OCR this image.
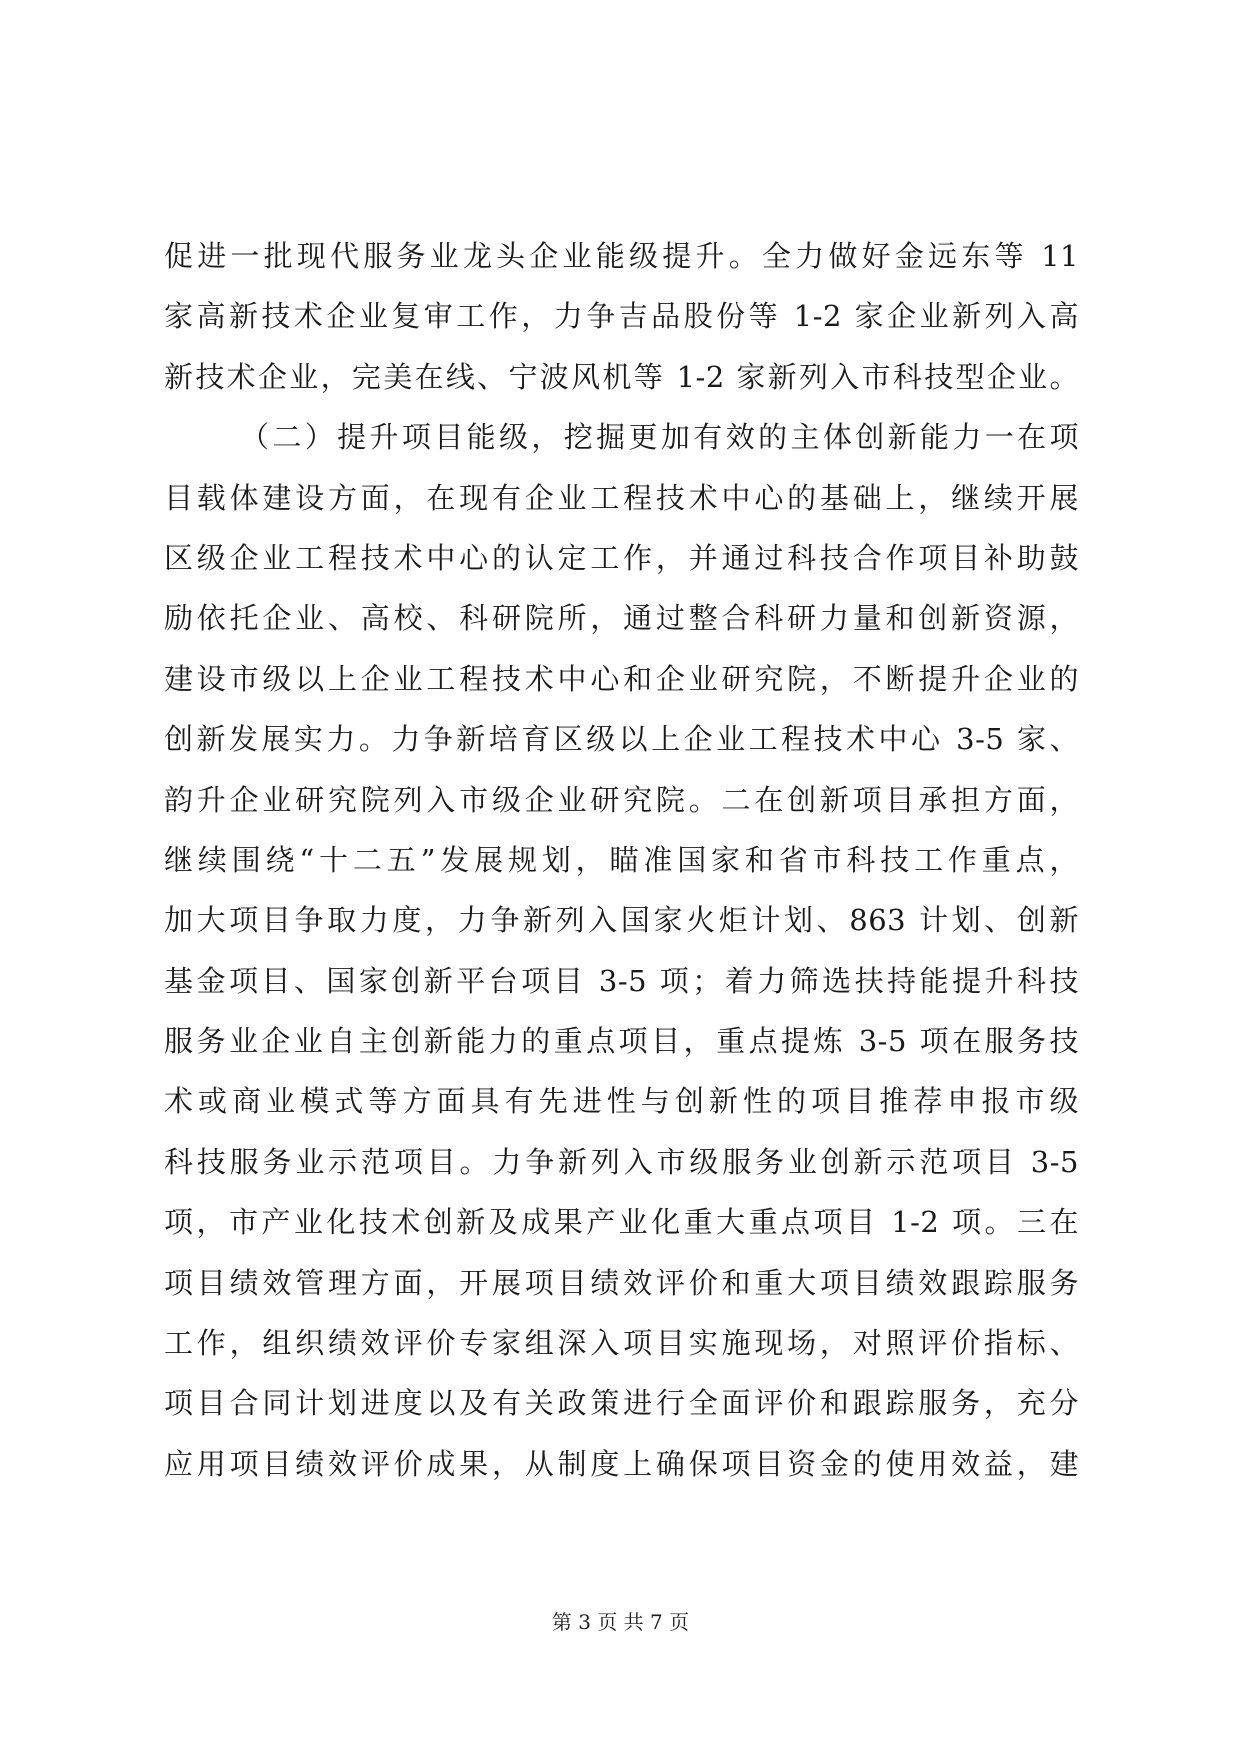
促进一批现代服务业龙头企业能级提升。全力做好金远东等 11
家高新技术企业复审工作，力争吉品股份等 1-2 家企业新列入高
新技术企业，完美在线、宁波风机等 1-2 家新列入市科技型企业。
（二）提升项目能级，挖掘更加有效的主体创新能力一在项
目载体建设方面，在现有企业工程技术中心的基础上，继续开展
区级企业工程技术中心的认定工作，并通过科技合作项目补助鼓
励依托企业、高校、科研院所，通过整合科研力量和创新资源，
建设市级以上企业工程技术中心和企业研究院，不断提升企业的
创新发展实力。力争新培育区级以上企业工程技术中心 3-5 家、
韵升企业研究院列入市级企业研究院。二在创新项目承担方面，
继续围绕“十二五”发展规划，瞄准国家和省市科技工作重点，
加大项目争取力度，力争新列入国家火炬计划、863 计划、创新
基金项目、国家创新平台项目 3-5 项；着力筛选扶持能提升科技
服务业企业自主创新能力的重点项目，重点提炼 3-5 项在服务技
术或商业模式等方面具有先进性与创新性的项目推荐申报市级
科技服务业示范项目。力争新列入市级服务业创新示范项目 3-5
项，市产业化技术创新及成果产业化重大重点项目 1-2 项。三在
项目绩效管理方面，开展项目绩效评价和重大项目绩效跟踪服务
工作，组织绩效评价专家组深入项目实施现场，对照评价指标、
项目合同计划进度以及有关政策进行全面评价和跟踪服务，充分
应用项目绩效评价成果，从制度上确保项目资金的使用效益，建
第 3 页 共 7 页
